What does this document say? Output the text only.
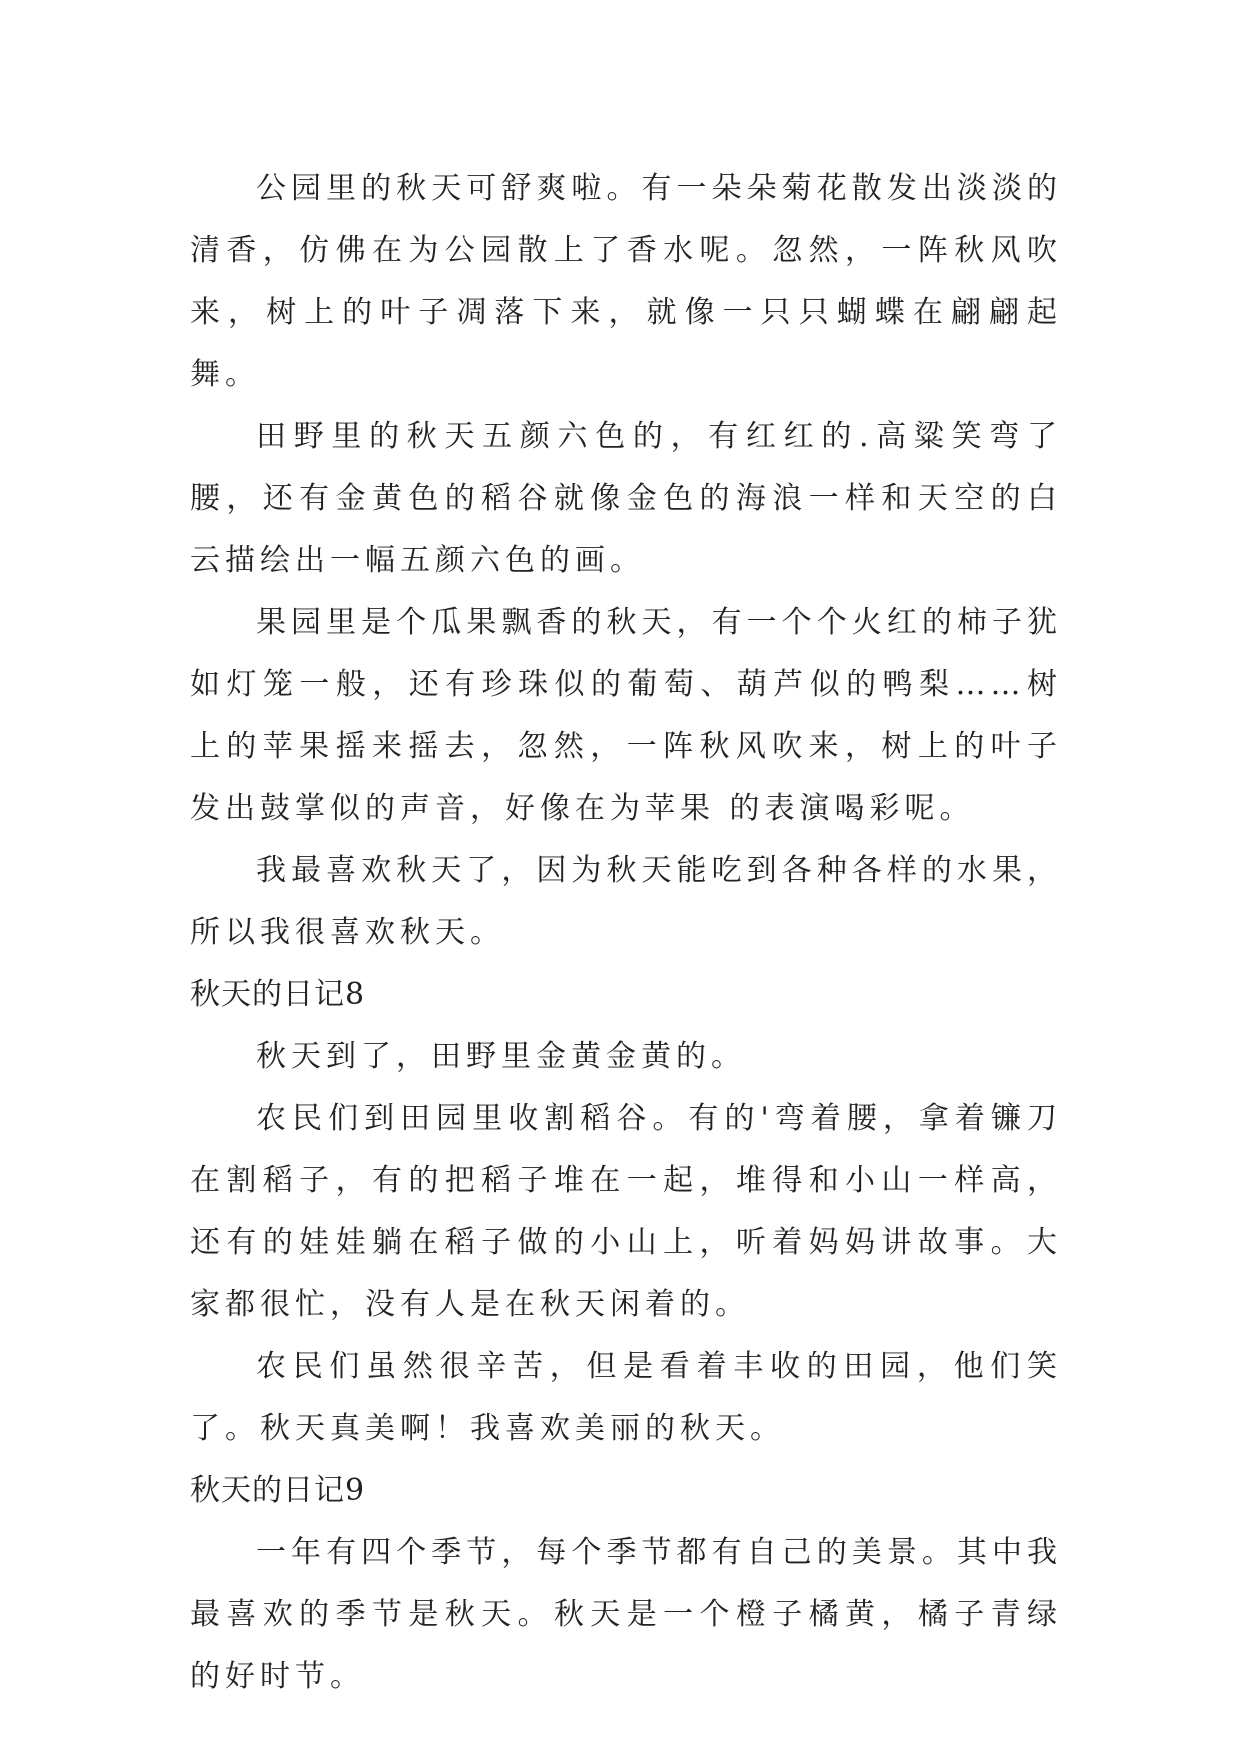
公园里的秋天可舒爽啦。有一朵朵菊花散发出淡淡的清香，仿佛在为公园散上了香水呢。忽然，一阵秋风吹来，树上的叶子凋落下来，就像一只只蝴蝶在翩翩起舞。

田野里的秋天五颜六色的，有红红的.高粱笑弯了腰，还有金黄色的稻谷就像金色的海浪一样和天空的白云描绘出一幅五颜六色的画。

果园里是个瓜果飘香的秋天，有一个个火红的柿子犹如灯笼一般，还有珍珠似的葡萄、葫芦似的鸭梨……树上的苹果摇来摇去，忽然，一阵秋风吹来，树上的叶子发出鼓掌似的声音，好像在为苹果 的表演喝彩呢。

我最喜欢秋天了，因为秋天能吃到各种各样的水果，所以我很喜欢秋天。

秋天的日记8

秋天到了，田野里金黄金黄的。

农民们到田园里收割稻谷。有的'弯着腰，拿着镰刀在割稻子，有的把稻子堆在一起，堆得和小山一样高，还有的娃娃躺在稻子做的小山上，听着妈妈讲故事。大家都很忙，没有人是在秋天闲着的。

农民们虽然很辛苦，但是看着丰收的田园，他们笑了。秋天真美啊！我喜欢美丽的秋天。

秋天的日记9

一年有四个季节，每个季节都有自己的美景。其中我最喜欢的季节是秋天。秋天是一个橙子橘黄，橘子青绿的好时节。
